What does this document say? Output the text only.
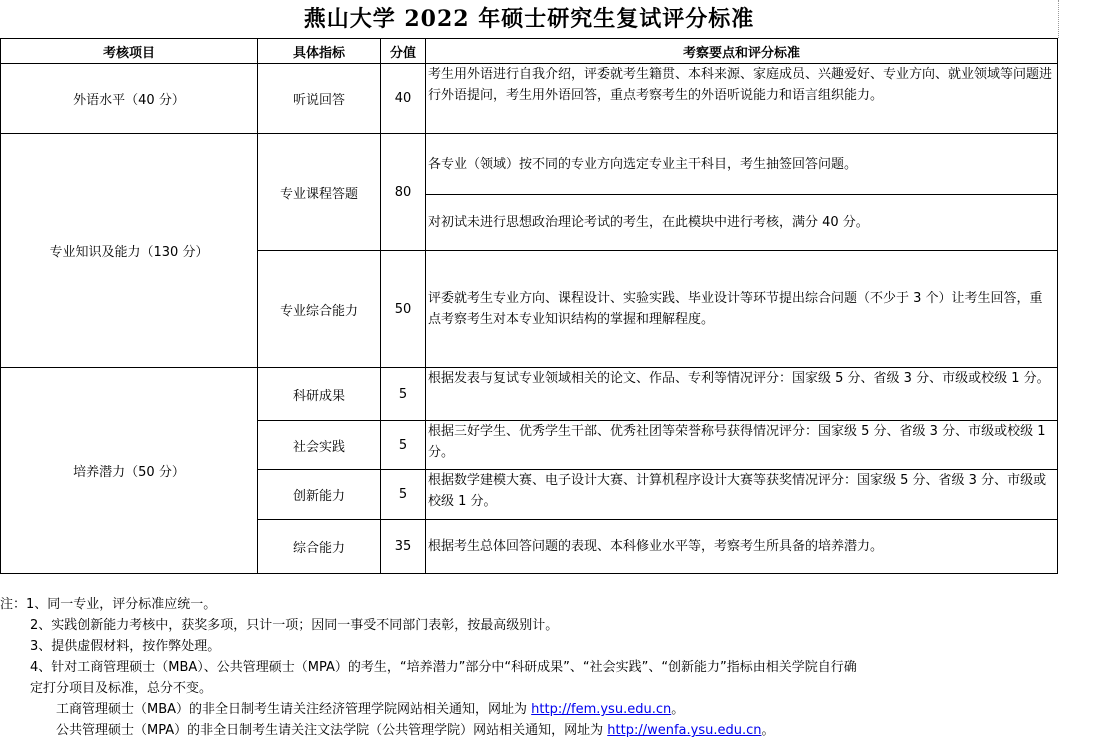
燕山大学 2022 年硕士研究生复试评分标准
考核项目	具体指标	分值	考察要点和评分标准
外语水平（40 分）	听说回答	40	考生用外语进行自我介绍，评委就考生籍贯、本科来源、家庭成员、兴趣爱好、专业方向、就业领域等问题进行外语提问，考生用外语回答，重点考察考生的外语听说能力和语言组织能力。
专业知识及能力（130 分）	专业课程答题	80	各专业（领域）按不同的专业方向选定专业主干科目，考生抽签回答问题。
			对初试未进行思想政治理论考试的考生，在此模块中进行考核，满分 40 分。
	专业综合能力	50	评委就考生专业方向、课程设计、实验实践、毕业设计等环节提出综合问题（不少于 3 个）让考生回答，重点考察考生对本专业知识结构的掌握和理解程度。
培养潜力（50 分）	科研成果	5	根据发表与复试专业领域相关的论文、作品、专利等情况评分：国家级 5 分、省级 3 分、市级或校级 1 分。
	社会实践	5	根据三好学生、优秀学生干部、优秀社团等荣誉称号获得情况评分：国家级 5 分、省级 3 分、市级或校级 1 分。
	创新能力	5	根据数学建模大赛、电子设计大赛、计算机程序设计大赛等获奖情况评分：国家级 5 分、省级 3 分、市级或校级 1 分。
	综合能力	35	根据考生总体回答问题的表现、本科修业水平等，考察考生所具备的培养潜力。
注：1、同一专业，评分标准应统一。
2、实践创新能力考核中，获奖多项，只计一项；因同一事受不同部门表彰，按最高级别计。
3、提供虚假材料，按作弊处理。
4、针对工商管理硕士（MBA）、公共管理硕士（MPA）的考生，“培养潜力”部分中“科研成果”、“社会实践”、“创新能力”指标由相关学院自行确
定打分项目及标准，总分不变。
工商管理硕士（MBA）的非全日制考生请关注经济管理学院网站相关通知，网址为 http://fem.ysu.edu.cn。
公共管理硕士（MPA）的非全日制考生请关注文法学院（公共管理学院）网站相关通知，网址为 http://wenfa.ysu.edu.cn。
